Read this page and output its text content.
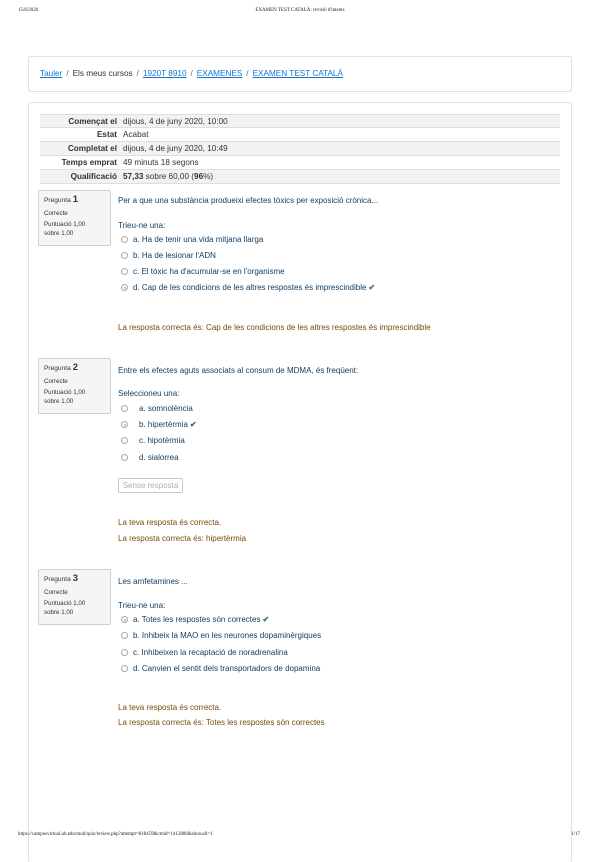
15/6/2020	EXAMEN TEST CATALÀ: revisió d'intents
Tauler / Els meus cursos / 1920T 8910 / EXAMENES / EXAMEN TEST CATALÀ
Començat el dijous, 4 de juny 2020, 10:00
Estat Acabat
Completat el dijous, 4 de juny 2020, 10:49
Temps emprat 49 minuts 18 segons
Qualificació 57,33 sobre 60,00 (96%)
Pregunta 1
Correcte
Puntuació 1,00
sobre 1,00
Per a que una substància produeixi efectes tòxics per exposició crònica...
Trieu-ne una:
a. Ha de tenir una vida mitjana llarga
b. Ha de lesionar l'ADN
c. El tòxic ha d'acumular-se en l'organisme
d. Cap de les condicions de les altres respostes és imprescindible ✔
La resposta correcta és: Cap de les condicions de les altres respostes és imprescindible
Pregunta 2
Correcte
Puntuació 1,00
sobre 1,00
Entre els efectes aguts associats al consum de MDMA, és freqüent:
Seleccioneu una:
a. somnolència
b. hipertèrmia ✔
c. hipotèrmia
d. sialorrea
Sense resposta
La teva resposta és correcta.
La resposta correcta és: hipertèrmia
Pregunta 3
Correcte
Puntuació 1,00
sobre 1,00
Les amfetamines ...
Trieu-ne una:
a. Totes les respostes són correctes ✔
b. Inhibeix la MAO en les neurones dopaminèrgiques
c. Inhibeixen la recaptació de noradrenalina
d. Canvien el sentit dels transportadors de dopamina
La teva resposta és correcta.
La resposta correcta és: Totes les respostes són correctes
https://campusvirtual.ub.edu/mod/quiz/review.php?attempt=818459&cmid=1412886&showall=1	1/17
